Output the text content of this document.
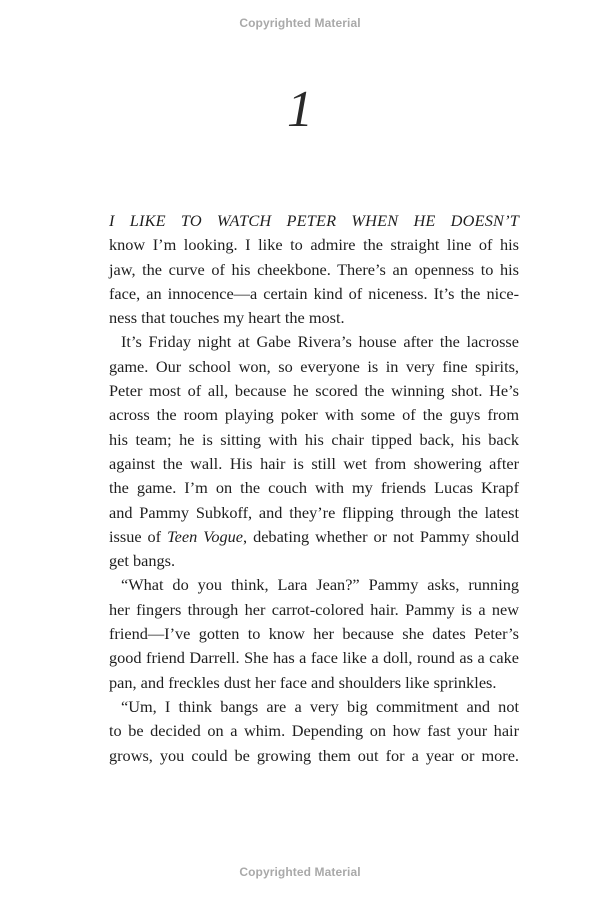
Copyrighted Material
1
I LIKE TO WATCH PETER WHEN HE DOESN’T
know I’m looking. I like to admire the straight line of his
jaw, the curve of his cheekbone. There’s an openness to his
face, an innocence—a certain kind of niceness. It’s the nice-
ness that touches my heart the most.
It’s Friday night at Gabe Rivera’s house after the lacrosse
game. Our school won, so everyone is in very fine spirits,
Peter most of all, because he scored the winning shot. He’s
across the room playing poker with some of the guys from
his team; he is sitting with his chair tipped back, his back
against the wall. His hair is still wet from showering after
the game. I’m on the couch with my friends Lucas Krapf
and Pammy Subkoff, and they’re flipping through the latest
issue of Teen Vogue, debating whether or not Pammy should
get bangs.
“What do you think, Lara Jean?” Pammy asks, running
her fingers through her carrot-colored hair. Pammy is a new
friend—I’ve gotten to know her because she dates Peter’s
good friend Darrell. She has a face like a doll, round as a cake
pan, and freckles dust her face and shoulders like sprinkles.
“Um, I think bangs are a very big commitment and not
to be decided on a whim. Depending on how fast your hair
grows, you could be growing them out for a year or more.
Copyrighted Material
